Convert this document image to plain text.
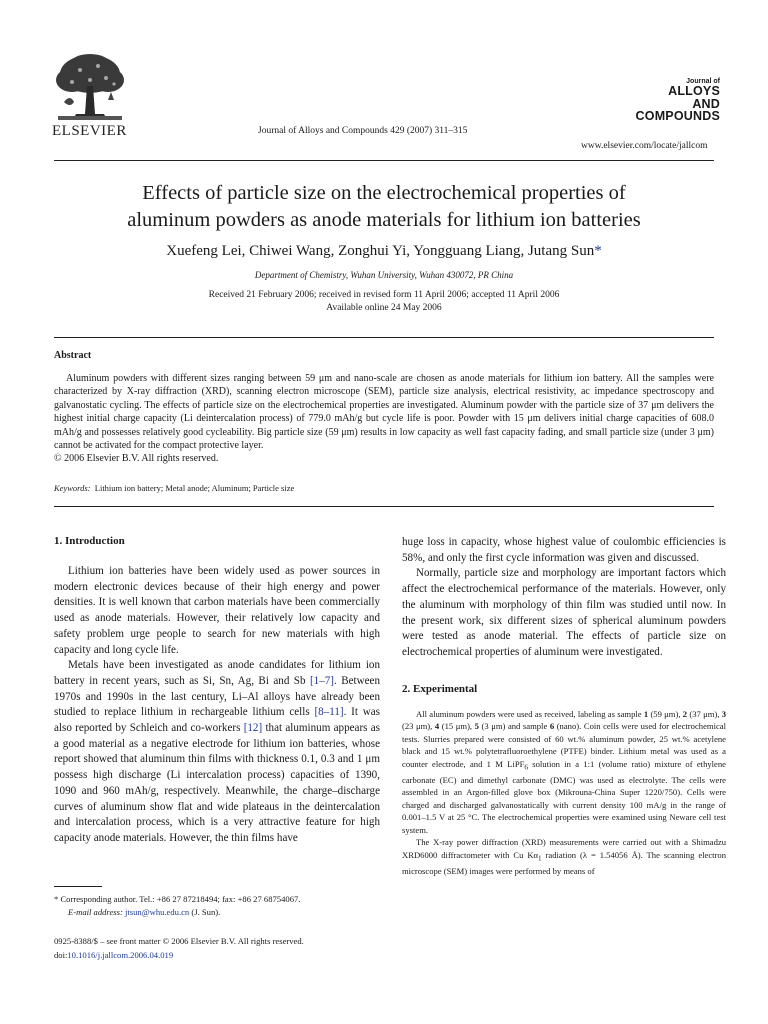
ELSEVIER	Journal of Alloys and Compounds 429 (2007) 311–315
Journal of
ALLOYS
AND COMPOUNDS
www.elsevier.com/locate/jallcom
Effects of particle size on the electrochemical properties of
aluminum powders as anode materials for lithium ion batteries
Xuefeng Lei, Chiwei Wang, Zonghui Yi, Yongguang Liang, Jutang Sun*
Department of Chemistry, Wuhan University, Wuhan 430072, PR China
Received 21 February 2006; received in revised form 11 April 2006; accepted 11 April 2006
Available online 24 May 2006
Abstract

Aluminum powders with different sizes ranging between 59 μm and nano-scale are chosen as anode materials for lithium ion battery. All the samples were characterized by X-ray diffraction (XRD), scanning electron microscope (SEM), particle size analysis, electrical resistivity, ac impedance spectroscopy and galvanostatic cycling. The effects of particle size on the electrochemical properties are investigated. Aluminum powder with the particle size of 37 μm delivers the highest initial charge capacity (Li deintercalation process) of 779.0 mAh/g but cycle life is poor. Powder with 15 μm delivers initial charge capacities of 608.0 mAh/g and possesses relatively good cycleability. Big particle size (59 μm) results in low capacity as well fast capacity fading, and small particle size (under 3 μm) cannot be activated for the compact protective layer.

© 2006 Elsevier B.V. All rights reserved.
Keywords: Lithium ion battery; Metal anode; Aluminum; Particle size
1. Introduction

Lithium ion batteries have been widely used as power sources in modern electronic devices because of their high energy and power densities. It is well known that carbon materials have been commercially used as anode materials. However, their relatively low capacity and safety problem urge people to search for new materials with high capacity and long cycle life.

Metals have been investigated as anode candidates for lithium ion battery in recent years, such as Si, Sn, Ag, Bi and Sb [1–7]. Between 1970s and 1990s in the last century, Li–Al alloys have already been studied to replace lithium in rechargeable lithium cells [8–11]. It was also reported by Schleich and co-workers [12] that aluminum appears as a good material as a negative electrode for lithium ion batteries, whose report showed that aluminum thin films with thickness 0.1, 0.3 and 1 μm possess high discharge (Li intercalation process) capacities of 1390, 1090 and 960 mAh/g, respectively. Meanwhile, the charge–discharge curves of aluminum show flat and wide plateaus in the deintercalation and intercalation process, which is a very attractive feature for high capacity anode materials. However, the thin films have

* Corresponding author. Tel.: +86 27 87218494; fax: +86 27 68754067.
E-mail address: jtsun@whu.edu.cn (J. Sun).
0925-8388/$ – see front matter © 2006 Elsevier B.V. All rights reserved.
doi:10.1016/j.jallcom.2006.04.019

huge loss in capacity, whose highest value of coulombic efficiencies is 58%, and only the first cycle information was given and discussed.

Normally, particle size and morphology are important factors which affect the electrochemical performance of the materials. However, only the aluminum with morphology of thin film was studied until now. In the present work, six different sizes of spherical aluminum powders were tested as anode material. The effects of particle size on electrochemical properties of aluminum were investigated.

2. Experimental

All aluminum powders were used as received, labeling as sample 1 (59 μm), 2 (37 μm), 3 (23 μm), 4 (15 μm), 5 (3 μm) and sample 6 (nano). Coin cells were used for electrochemical tests. Slurries prepared were consisted of 60 wt.% aluminum powder, 25 wt.% acetylene black and 15 wt.% polytetrafluoroethylene (PTFE) binder. Lithium metal was used as a counter electrode, and 1 M LiPF$_6$ solution in a 1:1 (volume ratio) mixture of ethylene carbonate (EC) and dimethyl carbonate (DMC) was used as electrolyte. The cells were assembled in an Argon-filled glove box (Mikrouna-China Super 1220/750). Cells were charged and discharged galvanostatically with current density 100 mA/g in the range of 0.001–1.5 V at 25 °C. The electrochemical properties were examined using Neware cell test system.

The X-ray power diffraction (XRD) measurements were carried out with a Shimadzu XRD6000 diffractometer with Cu $K\alpha_1$ radiation (λ = 1.54056 Å). The scanning electron microscope (SEM) images were performed by means of
